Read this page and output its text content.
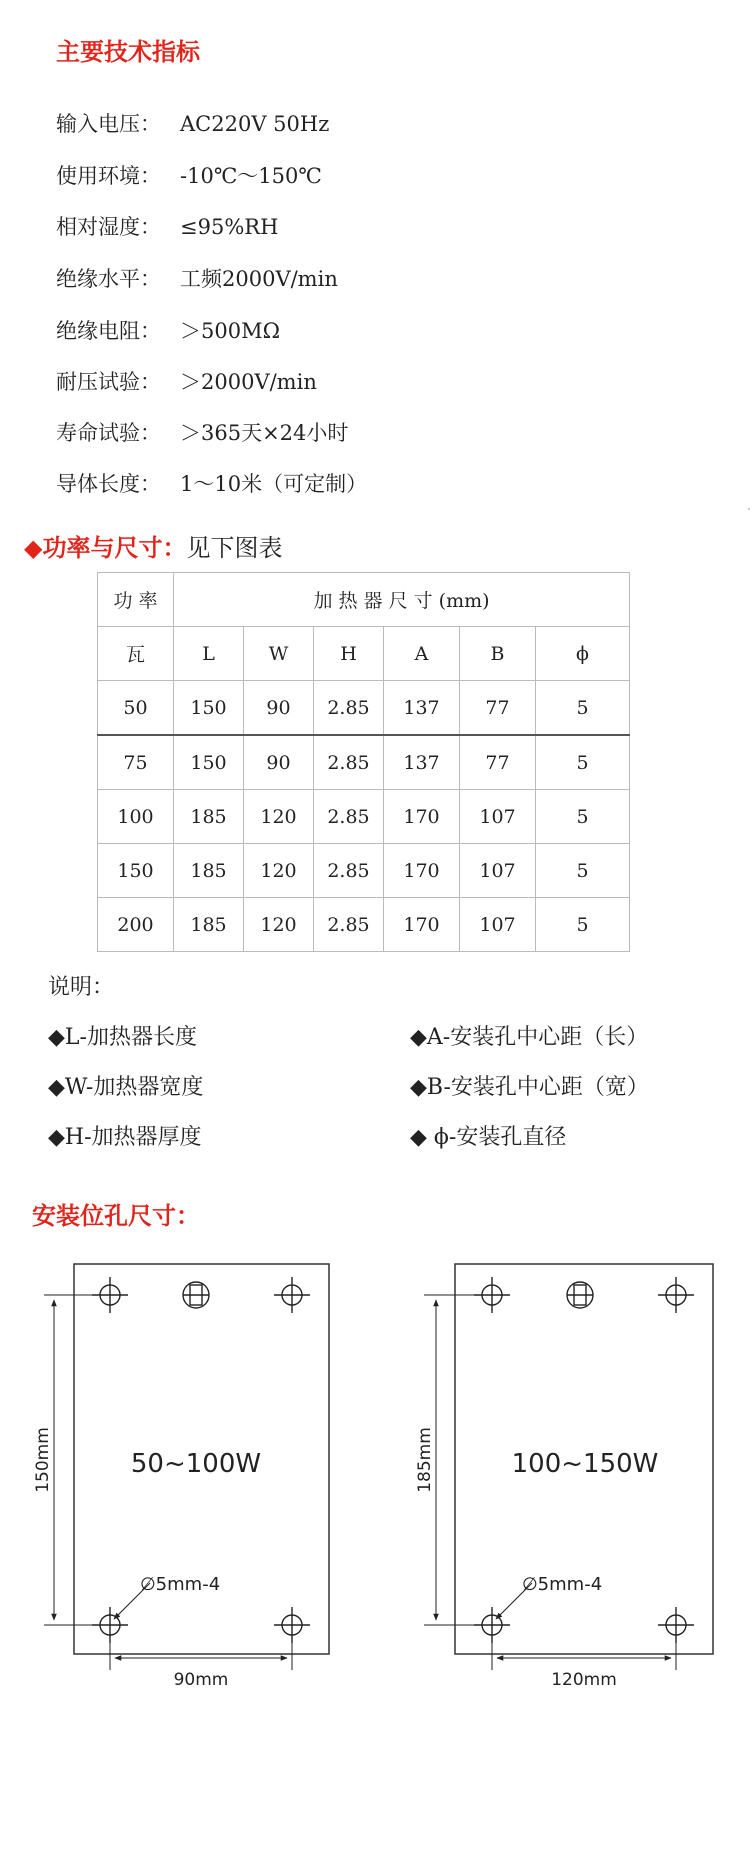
主要技术指标
输入电压： AC220V 50Hz
使用环境： -10℃～150℃
相对湿度： ≤95%RH
绝缘水平： 工频2000V/min
绝缘电阻： ＞500MΩ
耐压试验： ＞2000V/min
寿命试验： ＞365天×24小时
导体长度： 1～10米（可定制）
◆功率与尺寸：见下图表
功 率	加 热 器 尺 寸 (mm)					
瓦	L	W	H	A	B	ϕ
50	150	90	2.85	137	77	5
75	150	90	2.85	137	77	5
100	185	120	2.85	170	107	5
150	185	120	2.85	170	107	5
200	185	120	2.85	170	107	5
说明：
◆L-加热器长度	◆A-安装孔中心距（长）
◆W-加热器宽度	◆B-安装孔中心距（宽）
◆H-加热器厚度	◆ ϕ-安装孔直径
安装位孔尺寸：
150mm
90mm
50~100W
∅5mm-4
185mm
120mm
100~150W
∅5mm-4
